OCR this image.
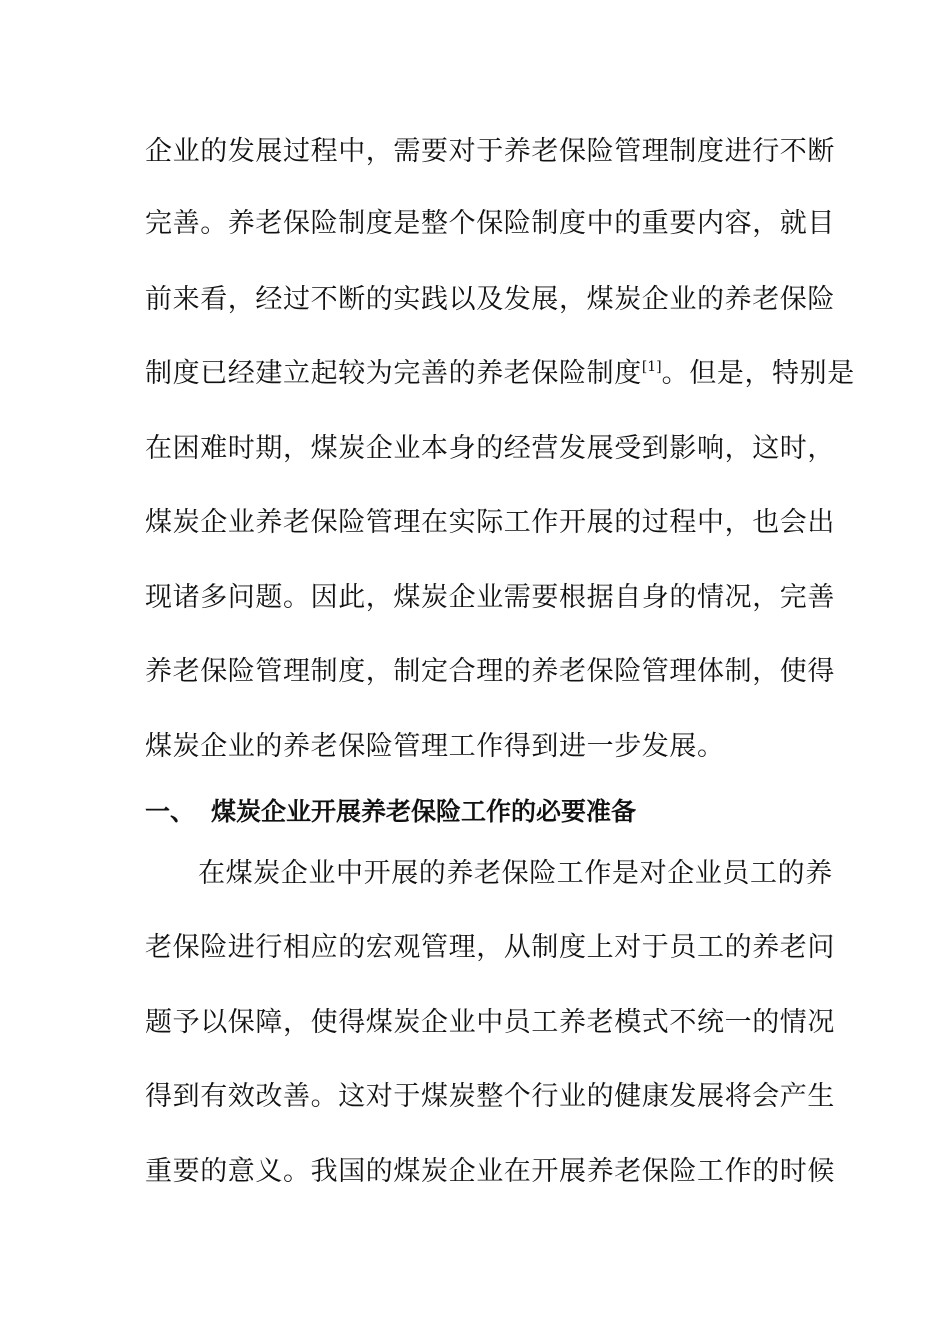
企业的发展过程中，需要对于养老保险管理制度进行不断
完善。养老保险制度是整个保险制度中的重要内容，就目
前来看，经过不断的实践以及发展，煤炭企业的养老保险
制度已经建立起较为完善的养老保险制度[1]。但是，特别是
在困难时期，煤炭企业本身的经营发展受到影响，这时，
煤炭企业养老保险管理在实际工作开展的过程中，也会出
现诸多问题。因此，煤炭企业需要根据自身的情况，完善
养老保险管理制度，制定合理的养老保险管理体制，使得
煤炭企业的养老保险管理工作得到进一步发展。
一、 煤炭企业开展养老保险工作的必要准备
在煤炭企业中开展的养老保险工作是对企业员工的养
老保险进行相应的宏观管理，从制度上对于员工的养老问
题予以保障，使得煤炭企业中员工养老模式不统一的情况
得到有效改善。这对于煤炭整个行业的健康发展将会产生
重要的意义。我国的煤炭企业在开展养老保险工作的时候
